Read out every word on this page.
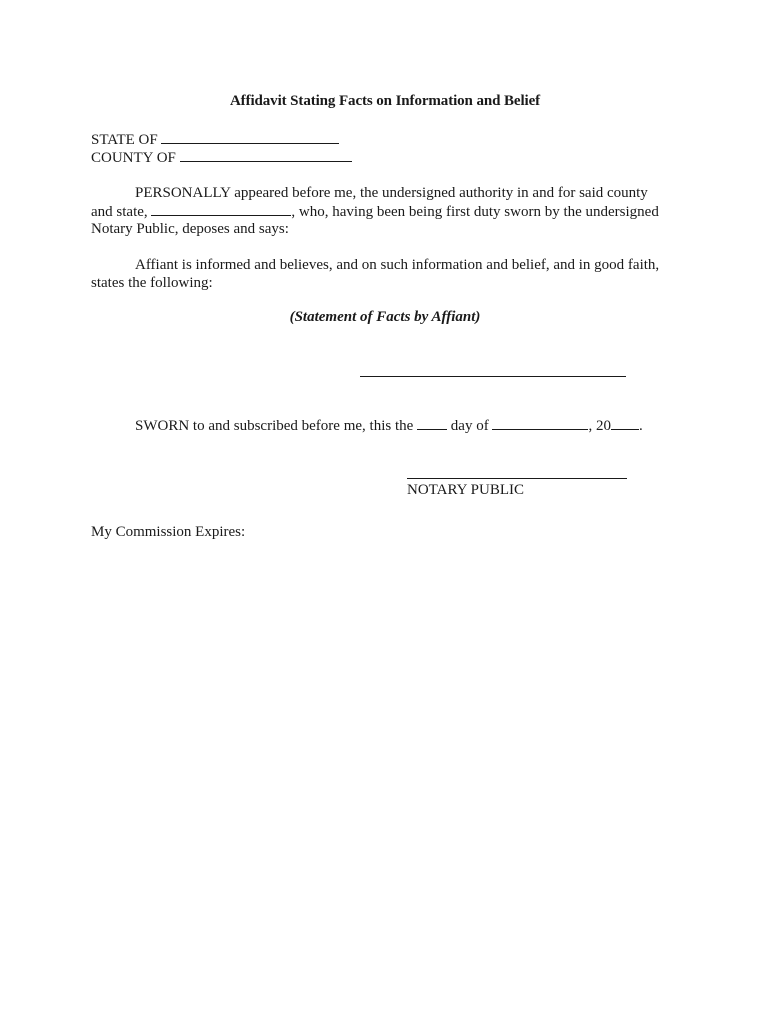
Affidavit Stating Facts on Information and Belief
STATE OF
COUNTY OF
PERSONALLY appeared before me, the undersigned authority in and for said county
and state,	, who, having been being first duty sworn by the undersigned
Notary Public, deposes and says:
Affiant is informed and believes, and on such information and belief, and in good faith,
states the following:
(Statement of Facts by Affiant)
SWORN to and subscribed before me, this the	day of	, 20 .
NOTARY PUBLIC
My Commission Expires:
